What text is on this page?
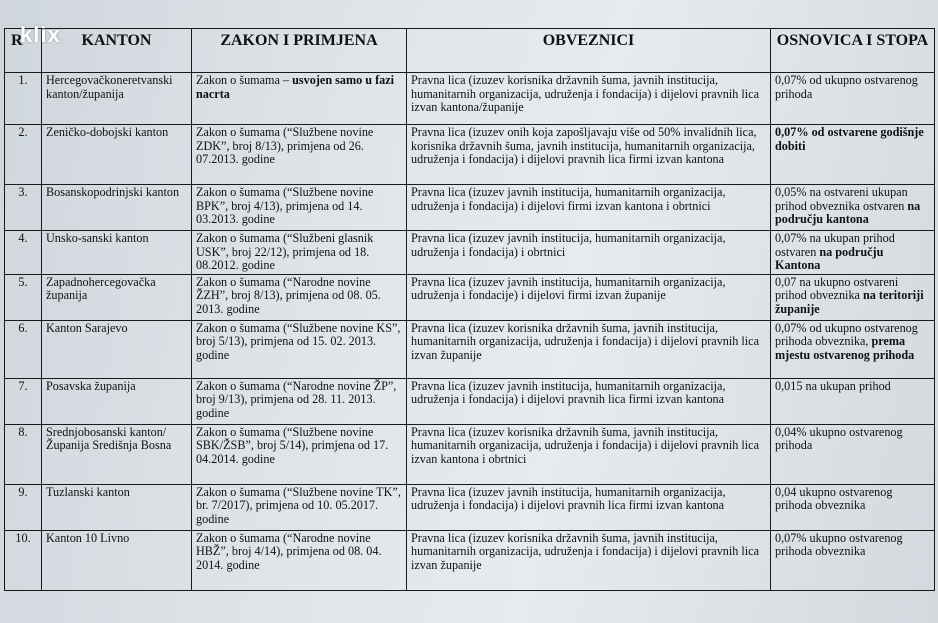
klix
R	KANTON	ZAKON I PRIMJENA	OBVEZNICI	OSNOVICA I STOPA
1.	Hercegovačkoneretvanski kanton/županija	Zakon o šumama – usvojen samo u fazi nacrta	Pravna lica (izuzev korisnika državnih šuma, javnih institucija, humanitarnih organizacija, udruženja i fondacija) i dijelovi pravnih lica izvan kantona/županije	0,07% od ukupno ostvarenog prihoda
2.	Zeničko-dobojski kanton	Zakon o šumama (“Službene novine ZDK”, broj 8/13), primjena od 26. 07.2013. godine	Pravna lica (izuzev onih koja zapošljavaju više od 50% invalidnih lica, korisnika državnih šuma, javnih institucija, humanitarnih organizacija, udruženja i fondacija) i dijelovi pravnih lica firmi izvan kantona	0,07% od ostvarene godišnje dobiti
3.	Bosanskopodrinjski kanton	Zakon o šumama (“Službene novine BPK”, broj 4/13), primjena od 14. 03.2013. godine	Pravna lica (izuzev javnih institucija, humanitarnih organizacija, udruženja i fondacija) i dijelovi firmi izvan kantona i obrtnici	0,05% na ostvareni ukupan prihod obveznika ostvaren na području kantona
4.	Unsko-sanski kanton	Zakon o šumama (“Službeni glasnik USK”, broj 22/12), primjena od 18. 08.2012. godine	Pravna lica (izuzev javnih institucija, humanitarnih organizacija, udruženja i fondacija) i obrtnici	0,07% na ukupan prihod ostvaren na području Kantona
5.	Zapadnohercegovačka županija	Zakon o šumama (“Narodne novine ŽZH”, broj 8/13), primjena od 08. 05. 2013. godine	Pravna lica (izuzev javnih institucija, humanitarnih organizacija, udruženja i fondacije) i dijelovi firmi izvan županije	0,07 na ukupno ostvareni prihod obveznika na teritoriji županije
6.	Kanton Sarajevo	Zakon o šumama (“Službene novine KS”, broj 5/13), primjena od 15. 02. 2013. godine	Pravna lica (izuzev korisnika državnih šuma, javnih institucija, humanitarnih organizacija, udruženja i fondacija) i dijelovi pravnih lica izvan županije	0,07% od ukupno ostvarenog prihoda obveznika, prema mjestu ostvarenog prihoda
7.	Posavska županija	Zakon o šumama (“Narodne novine ŽP”, broj 9/13), primjena od 28. 11. 2013. godine	Pravna lica (izuzev javnih institucija, humanitarnih organizacija, udruženja i fondacija) i dijelovi pravnih lica firmi izvan kantona	0,015 na ukupan prihod
8.	Srednjobosanski kanton/Županija Središnja Bosna	Zakon o šumama (“Službene novine SBK/ŽSB”, broj 5/14), primjena od 17. 04.2014. godine	Pravna lica (izuzev korisnika državnih šuma, javnih institucija, humanitarnih organizacija, udruženja i fondacija) i dijelovi pravnih lica izvan kantona i obrtnici	0,04% ukupno ostvarenog prihoda
9.	Tuzlanski kanton	Zakon o šumama (“Službene novine TK”, br. 7/2017), primjena od 10. 05.2017. godine	Pravna lica (izuzev javnih institucija, humanitarnih organizacija, udruženja i fondacija) i dijelovi pravnih lica firmi izvan kantona	0,04 ukupno ostvarenog prihoda obveznika
10.	Kanton 10 Livno	Zakon o šumama (“Narodne novine HBŽ”, broj 4/14), primjena od 08. 04. 2014. godine	Pravna lica (izuzev korisnika državnih šuma, javnih institucija, humanitarnih organizacija, udruženja i fondacija) i dijelovi pravnih lica izvan županije	0,07% ukupno ostvarenog prihoda obveznika
